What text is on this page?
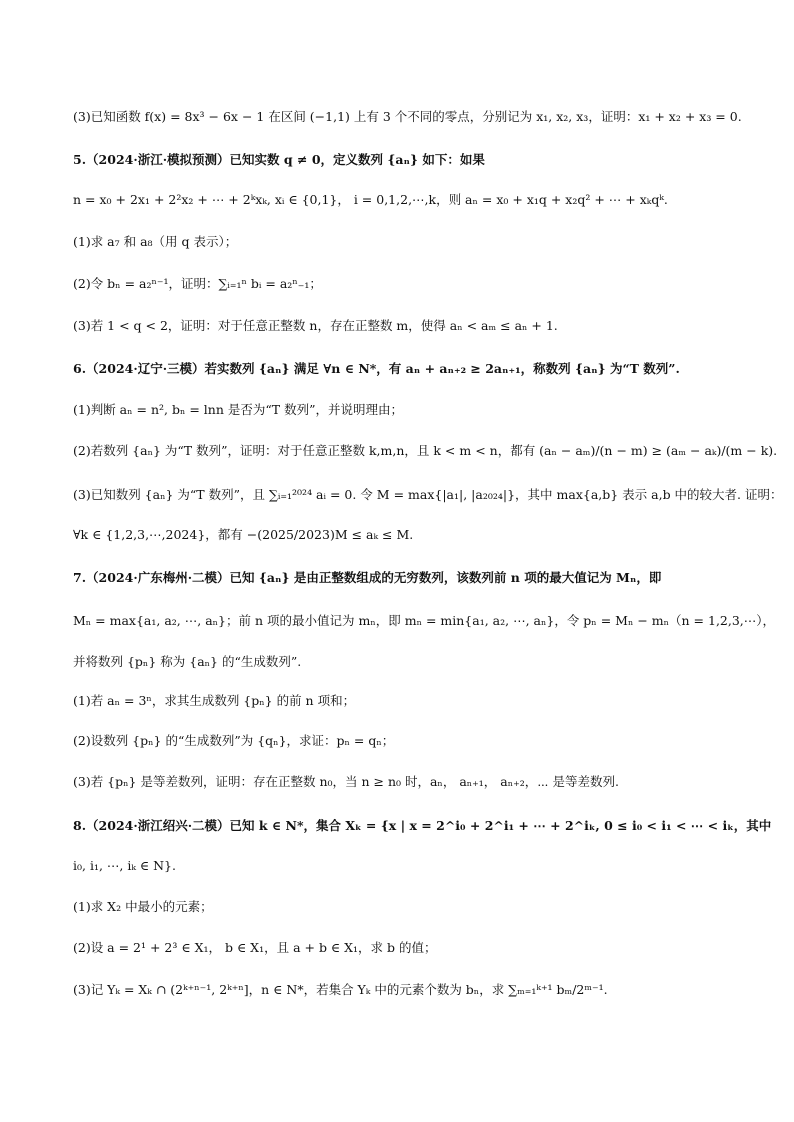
(3)已知函数 f(x) = 8x³ − 6x − 1 在区间 (−1,1) 上有 3 个不同的零点，分别记为 x₁, x₂, x₃，证明：x₁ + x₂ + x₃ = 0.
5.（2024·浙江·模拟预测）已知实数 q ≠ 0，定义数列 {aₙ} 如下：如果
n = x₀ + 2x₁ + 2²x₂ + ⋯ + 2ᵏxₖ, xᵢ ∈ {0,1}， i = 0,1,2,⋯,k，则 aₙ = x₀ + x₁q + x₂q² + ⋯ + xₖqᵏ.
(1)求 a₇ 和 a₈（用 q 表示）；
(2)令 bₙ = a₂ⁿ⁻¹，证明：∑ᵢ₌₁ⁿ bᵢ = a₂ⁿ₋₁；
(3)若 1 < q < 2，证明：对于任意正整数 n，存在正整数 m，使得 aₙ < aₘ ≤ aₙ + 1.
6.（2024·辽宁·三模）若实数列 {aₙ} 满足 ∀n ∈ N*，有 aₙ + aₙ₊₂ ≥ 2aₙ₊₁，称数列 {aₙ} 为“T 数列”.
(1)判断 aₙ = n², bₙ = lnn 是否为“T 数列”，并说明理由；
(2)若数列 {aₙ} 为“T 数列”，证明：对于任意正整数 k,m,n，且 k < m < n，都有 (aₙ − aₘ)/(n − m) ≥ (aₘ − aₖ)/(m − k).
(3)已知数列 {aₙ} 为“T 数列”，且 ∑ᵢ₌₁²⁰²⁴ aᵢ = 0. 令 M = max{|a₁|, |a₂₀₂₄|}，其中 max{a,b} 表示 a,b 中的较大者. 证明：
∀k ∈ {1,2,3,⋯,2024}，都有 −(2025/2023)M ≤ aₖ ≤ M.
7.（2024·广东梅州·二模）已知 {aₙ} 是由正整数组成的无穷数列，该数列前 n 项的最大值记为 Mₙ，即
Mₙ = max{a₁, a₂, ⋯, aₙ}；前 n 项的最小值记为 mₙ，即 mₙ = min{a₁, a₂, ⋯, aₙ}，令 pₙ = Mₙ − mₙ（n = 1,2,3,⋯），
并将数列 {pₙ} 称为 {aₙ} 的“生成数列”.
(1)若 aₙ = 3ⁿ，求其生成数列 {pₙ} 的前 n 项和；
(2)设数列 {pₙ} 的“生成数列”为 {qₙ}，求证：pₙ = qₙ；
(3)若 {pₙ} 是等差数列，证明：存在正整数 n₀，当 n ≥ n₀ 时，aₙ， aₙ₊₁， aₙ₊₂，⋯ 是等差数列.
8.（2024·浙江绍兴·二模）已知 k ∈ N*，集合 Xₖ = {x | x = 2^i₀ + 2^i₁ + ⋯ + 2^iₖ, 0 ≤ i₀ < i₁ < ⋯ < iₖ，其中
i₀, i₁, ⋯, iₖ ∈ N}.
(1)求 X₂ 中最小的元素；
(2)设 a = 2¹ + 2³ ∈ X₁， b ∈ X₁，且 a + b ∈ X₁，求 b 的值；
(3)记 Yₖ = Xₖ ∩ (2ᵏ⁺ⁿ⁻¹, 2ᵏ⁺ⁿ]，n ∈ N*，若集合 Yₖ 中的元素个数为 bₙ，求 ∑ₘ₌₁ᵏ⁺¹ bₘ/2ᵐ⁻¹.
